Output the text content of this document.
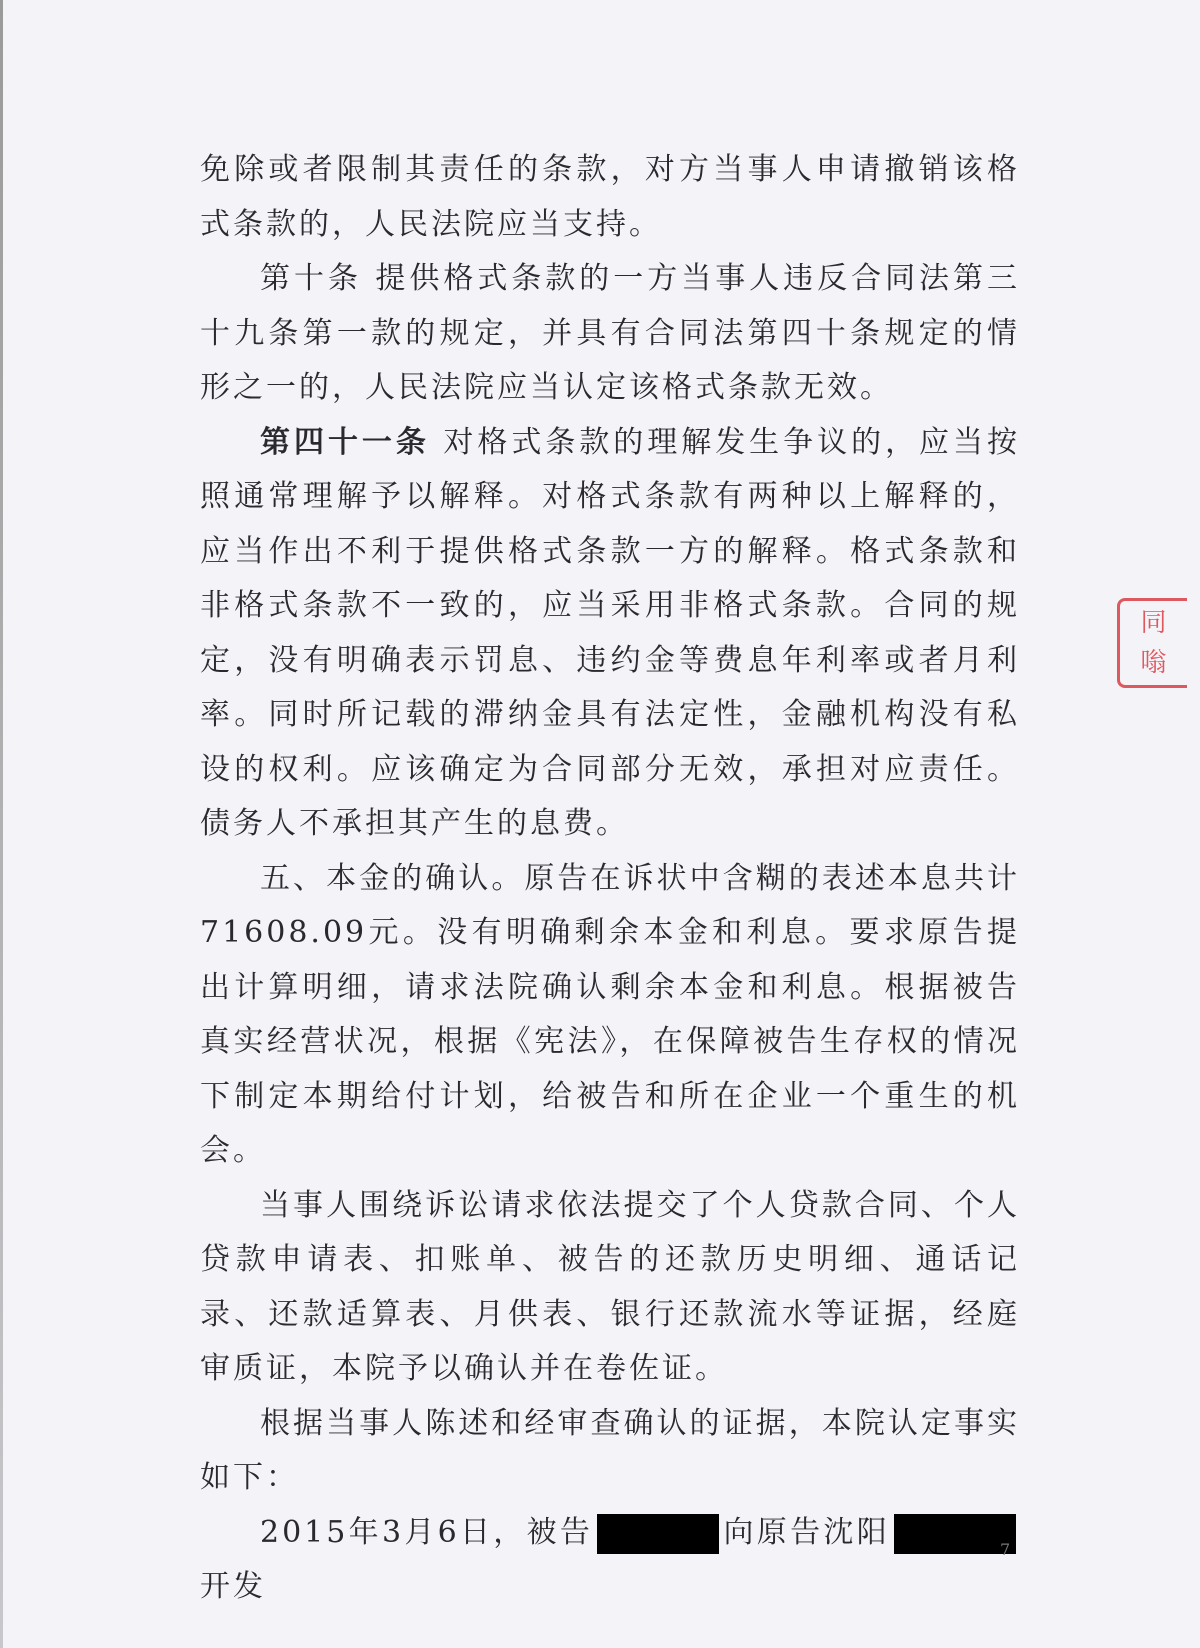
免除或者限制其责任的条款，对方当事人申请撤销该格式条款的，人民法院应当支持。

第十条 提供格式条款的一方当事人违反合同法第三十九条第一款的规定，并具有合同法第四十条规定的情形之一的，人民法院应当认定该格式条款无效。

第四十一条 对格式条款的理解发生争议的，应当按照通常理解予以解释。对格式条款有两种以上解释的，应当作出不利于提供格式条款一方的解释。格式条款和非格式条款不一致的，应当采用非格式条款。合同的规定，没有明确表示罚息、违约金等费息年利率或者月利率。同时所记载的滞纳金具有法定性，金融机构没有私设的权利。应该确定为合同部分无效，承担对应责任。债务人不承担其产生的息费。

五、本金的确认。原告在诉状中含糊的表述本息共计71608.09元。没有明确剩余本金和利息。要求原告提出计算明细，请求法院确认剩余本金和利息。根据被告真实经营状况，根据《宪法》，在保障被告生存权的情况下制定本期给付计划，给被告和所在企业一个重生的机会。

当事人围绕诉讼请求依法提交了个人贷款合同、个人贷款申请表、扣账单、被告的还款历史明细、通话记录、还款适算表、月供表、银行还款流水等证据，经庭审质证，本院予以确认并在卷佐证。

根据当事人陈述和经审查确认的证据，本院认定事实如下：

2015年3月6日，被告	向原告沈阳开发

同
嗡
7
